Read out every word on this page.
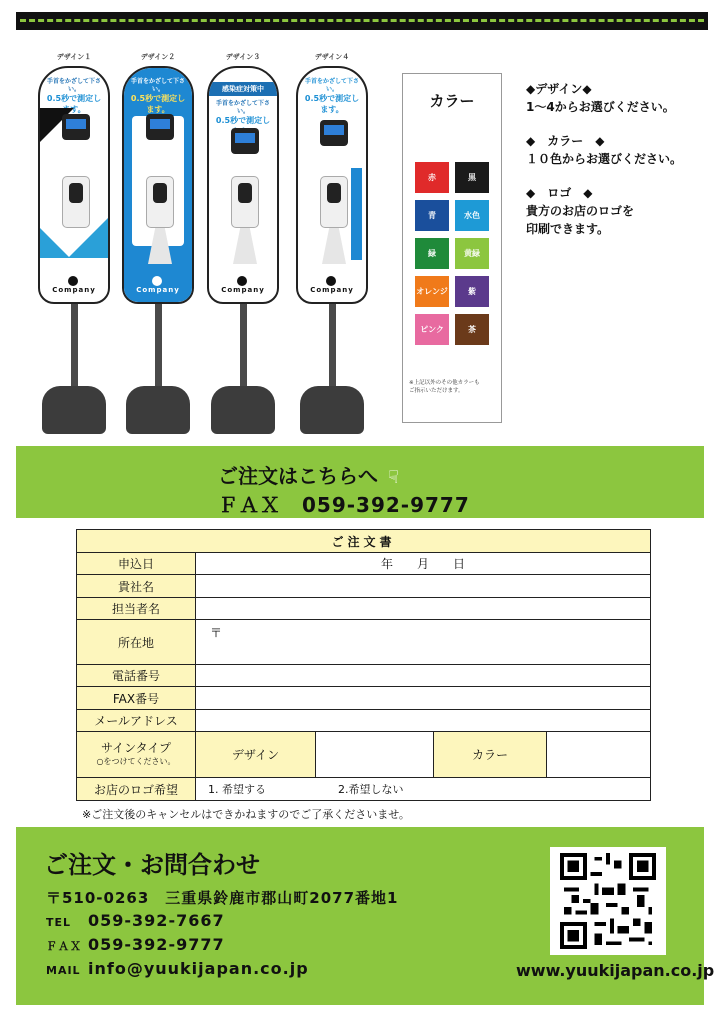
デザイン１
手首をかざして下さい。
0.5秒で測定します。
Company
デザイン２
手首をかざして下さい。
0.5秒で測定します。
Company
デザイン３
感染症対策中
手首をかざして下さい。
0.5秒で測定し
Company
デザイン４
手首をかざして下さい。
0.5秒で測定します。
Company
カラー
赤	黒
青	水色
緑	黄緑
オレンジ	紫
ピンク	茶
※上記以外のその他カラーも
ご指示いただけます。

◆デザイン◆

1～4からお選びください。

◆　カラー　◆

１０色からお選びください。

◆　ロゴ　◆

貴方のお店のロゴを

印刷できます。

ご注文はこちらへ ☟
ＦＡＸ　059-392-9777
ご注文書
申込日	年 月 日
貴社名
担当者名
所在地
〒
電話番号
FAX番号
メールアドレス
サインタイプ
○をつけてください。	デザイン	カラー
お店のロゴ希望	1. 希望する	2.希望しない
※ご注文後のキャンセルはできかねますのでご了承くださいませ。
ご注文・お問合わせ
〒510-0263　三重県鈴鹿市郡山町2077番地1
TEL 059-392-7667
ＦＡＸ 059-392-9777
MAIL info@yuukijapan.co.jp	www.yuukijapan.co.jp
